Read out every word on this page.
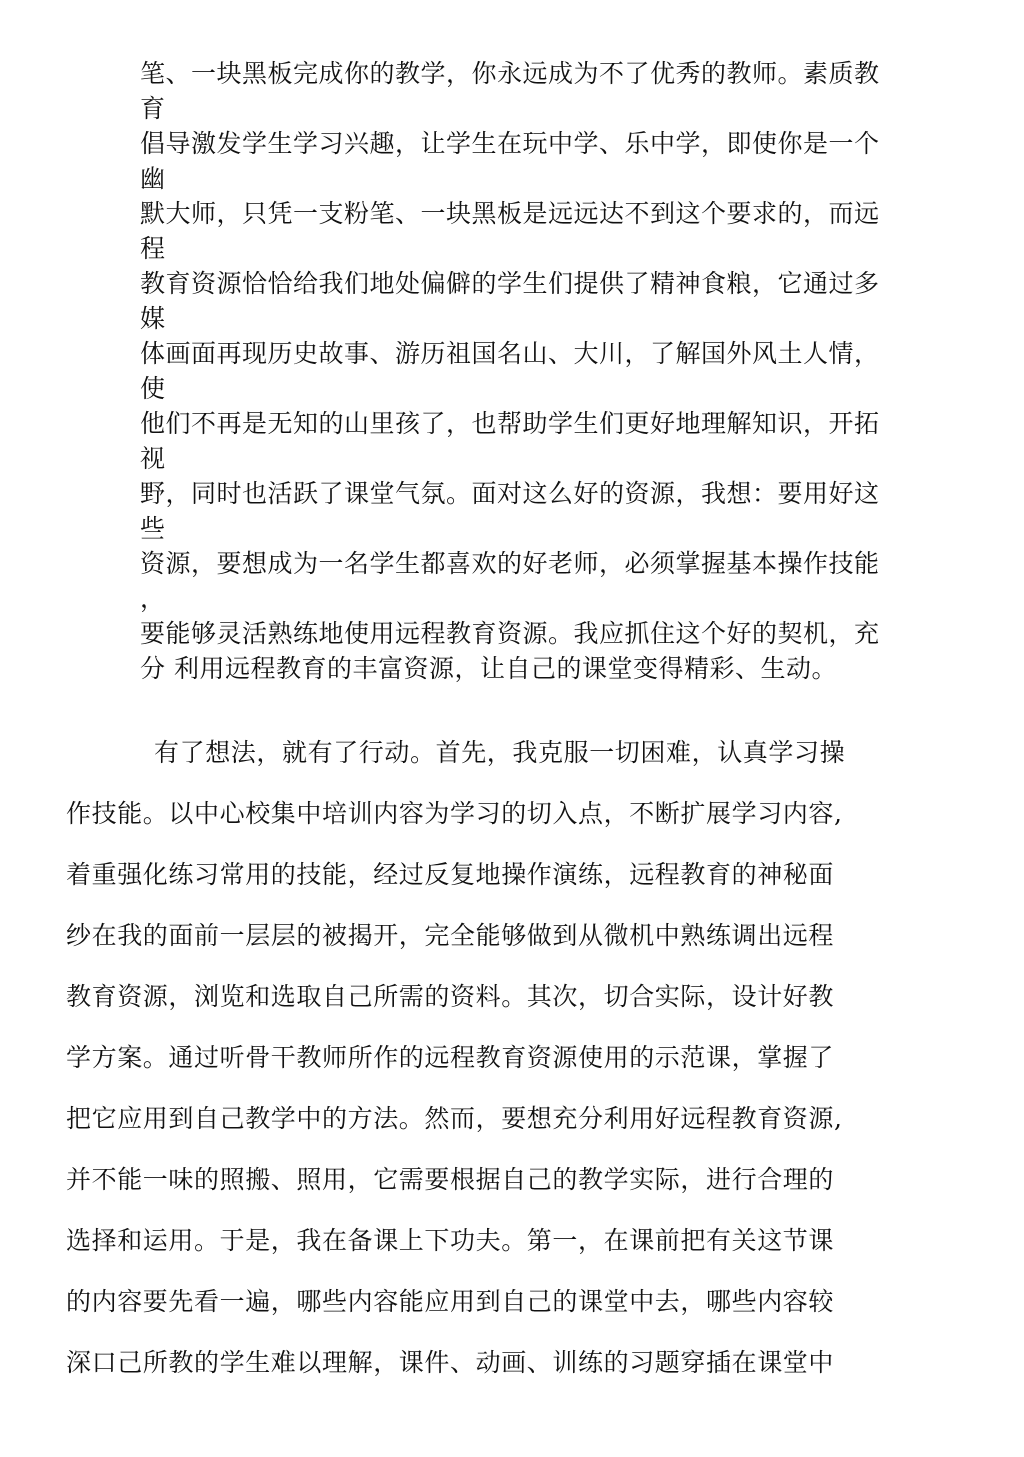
笔、一块黑板完成你的教学，你永远成为不了优秀的教师。素质教
育
倡导激发学生学习兴趣，让学生在玩中学、乐中学，即使你是一个
幽
默大师，只凭一支粉笔、一块黑板是远远达不到这个要求的，而远
程
教育资源恰恰给我们地处偏僻的学生们提供了精神食粮，它通过多
媒
体画面再现历史故事、游历祖国名山、大川，了解国外风土人情，
使
他们不再是无知的山里孩了，也帮助学生们更好地理解知识，开拓
视
野，同时也活跃了课堂气氛。面对这么好的资源，我想：要用好这
些
资源，要想成为一名学生都喜欢的好老师，必须掌握基本操作技能
，
要能够灵活熟练地使用远程教育资源。我应抓住这个好的契机，充
分 利用远程教育的丰富资源，让自己的课堂变得精彩、生动。
有了想法，就有了行动。首先，我克服一切困难，认真学习操
作技能。以中心校集中培训内容为学习的切入点，不断扩展学习内容,
着重强化练习常用的技能，经过反复地操作演练，远程教育的神秘面
纱在我的面前一层层的被揭开，完全能够做到从微机中熟练调出远程
教育资源，浏览和选取自己所需的资料。其次，切合实际，设计好教
学方案。通过听骨干教师所作的远程教育资源使用的示范课，掌握了
把它应用到自己教学中的方法。然而，要想充分利用好远程教育资源,
并不能一味的照搬、照用，它需要根据自己的教学实际，进行合理的
选择和运用。于是，我在备课上下功夫。第一，在课前把有关这节课
的内容要先看一遍，哪些内容能应用到自己的课堂中去，哪些内容较
深口己所教的学生难以理解，课件、动画、训练的习题穿插在课堂中
